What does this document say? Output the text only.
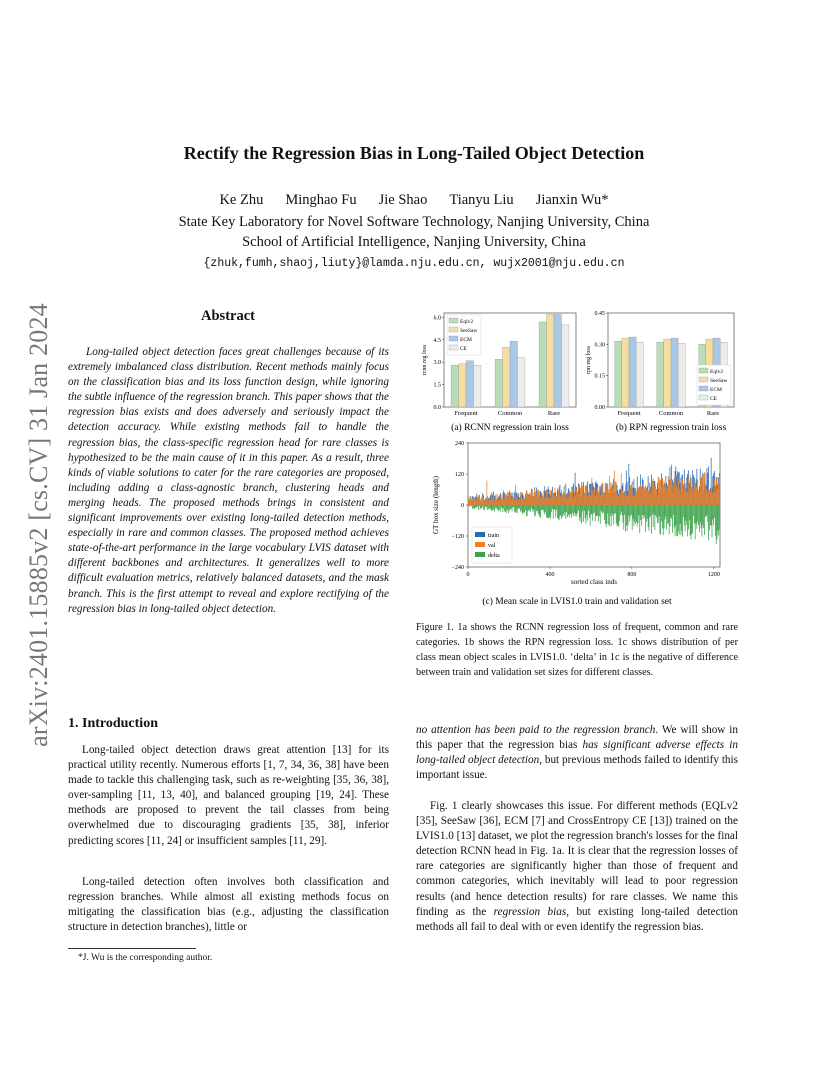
arXiv:2401.15885v2 [cs.CV] 31 Jan 2024
Rectify the Regression Bias in Long-Tailed Object Detection
Ke Zhu Minghao Fu Jie Shao Tianyu Liu Jianxin Wu*
State Key Laboratory for Novel Software Technology, Nanjing University, China
School of Artificial Intelligence, Nanjing University, China
{zhuk,fumh,shaoj,liuty}@lamda.nju.edu.cn, wujx2001@nju.edu.cn
Abstract
Long-tailed object detection faces great challenges because of its extremely imbalanced class distribution. Recent methods mainly focus on the classification bias and its loss function design, while ignoring the subtle influence of the regression branch. This paper shows that the regression bias exists and does adversely and seriously impact the detection accuracy. While existing methods fail to handle the regression bias, the class-specific regression head for rare classes is hypothesized to be the main cause of it in this paper. As a result, three kinds of viable solutions to cater for the rare categories are proposed, including adding a class-agnostic branch, clustering heads and merging heads. The proposed methods brings in consistent and significant improvements over existing long-tailed detection methods, especially in rare and common classes. The proposed method achieves state-of-the-art performance in the large vocabulary LVIS dataset with different backbones and architectures. It generalizes well to more difficult evaluation metrics, relatively balanced datasets, and the mask branch. This is the first attempt to reveal and explore rectifying of the regression bias in long-tailed object detection.
1. Introduction
Long-tailed object detection draws great attention [13] for its practical utility recently. Numerous efforts [1, 7, 34, 36, 38] have been made to tackle this challenging task, such as re-weighting [35, 36, 38], over-sampling [11, 13, 40], and balanced grouping [19, 24]. These methods are proposed to prevent the tail classes from being overwhelmed due to discouraging gradients [35, 38], inferior predicting scores [11, 24] or insufficient samples [11, 29].
Long-tailed detection often involves both classification and regression branches. While almost all existing methods focus on mitigating the classification bias (e.g., adjusting the classification structure in detection branches), little or
*J. Wu is the corresponding author.
no attention has been paid to the regression branch. We will show in this paper that the regression bias has significant adverse effects in long-tailed object detection, but previous methods failed to identify this important issue.
Fig. 1 clearly showcases this issue. For different methods (EQLv2 [35], SeeSaw [36], ECM [7] and CrossEntropy CE [13]) trained on the LVIS1.0 [13] dataset, we plot the regression branch's losses for the final detection RCNN head in Fig. 1a. It is clear that the regression losses of rare categories are significantly higher than those of frequent and common categories, which inevitably will lead to poor regression results (and hence detection results) for rare classes. We name this finding as the regression bias, but existing long-tailed detection methods all fail to deal with or even identify the regression bias.
Figure 1. 1a shows the RCNN regression loss of frequent, common and rare categories. 1b shows the RPN regression loss. 1c shows distribution of per class mean object scales in LVIS1.0. ‘delta’ in 1c is the negative of difference between train and validation set sizes for different classes.
0.0
1.5
3.0
4.5
6.0
rcnn reg loss
Frequent	Common	Rare
Eqlv2
SeeSaw
ECM
CE
(a) RCNN regression train loss
0.00
0.15
0.30
0.45
rpn reg loss
Frequent	Common	Rare
Eqlv2
SeeSaw
ECM
CE
(b) RPN regression train loss
240
120
0
−120
−240
0	400	800	1200
sorted class inds
GT box size (length)
train
val
delta
(c) Mean scale in LVIS1.0 train and validation set
